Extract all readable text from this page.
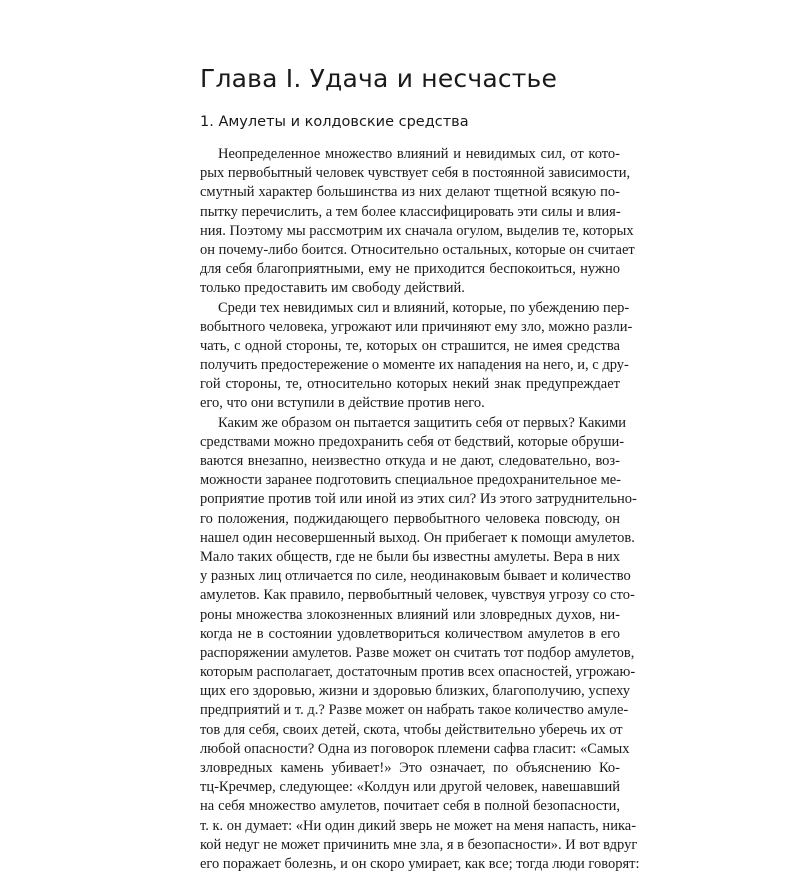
Глава I. Удача и несчастье
1. Амулеты и колдовские средства
Неопределенное множество влияний и невидимых сил, от кото-
рых первобытный человек чувствует себя в постоянной зависимости,
смутный характер большинства из них делают тщетной всякую по-
пытку перечислить, а тем более классифицировать эти силы и влия-
ния. Поэтому мы рассмотрим их сначала огулом, выделив те, которых
он почему-либо боится. Относительно остальных, которые он считает
для себя благоприятными, ему не приходится беспокоиться, нужно
только предоставить им свободу действий.
Среди тех невидимых сил и влияний, которые, по убеждению пер-
вобытного человека, угрожают или причиняют ему зло, можно разли-
чать, с одной стороны, те, которых он страшится, не имея средства
получить предостережение о моменте их нападения на него, и, с дру-
гой стороны, те, относительно которых некий знак предупреждает
его, что они вступили в действие против него.
Каким же образом он пытается защитить себя от первых? Какими
средствами можно предохранить себя от бедствий, которые обруши-
ваются внезапно, неизвестно откуда и не дают, следовательно, воз-
можности заранее подготовить специальное предохранительное ме-
роприятие против той или иной из этих сил? Из этого затруднительно-
го положения, поджидающего первобытного человека повсюду, он
нашел один несовершенный выход. Он прибегает к помощи амулетов.
Мало таких обществ, где не были бы известны амулеты. Вера в них
у разных лиц отличается по силе, неодинаковым бывает и количество
амулетов. Как правило, первобытный человек, чувствуя угрозу со сто-
роны множества злокозненных влияний или зловредных духов, ни-
когда не в состоянии удовлетвориться количеством амулетов в его
распоряжении амулетов. Разве может он считать тот подбор амулетов,
которым располагает, достаточным против всех опасностей, угрожаю-
щих его здоровью, жизни и здоровью близких, благополучию, успеху
предприятий и т. д.? Разве может он набрать такое количество амуле-
тов для себя, своих детей, скота, чтобы действительно уберечь их от
любой опасности? Одна из поговорок племени сафва гласит: «Самых
зловредных камень убивает!» Это означает, по объяснению Ко-
тц-Кречмер, следующее: «Колдун или другой человек, навешавший
на себя множество амулетов, почитает себя в полной безопасности,
т. к. он думает: «Ни один дикий зверь не может на меня напасть, ника-
кой недуг не может причинить мне зла, я в безопасности». И вот вдруг
его поражает болезнь, и он скоро умирает, как все; тогда люди говорят:
